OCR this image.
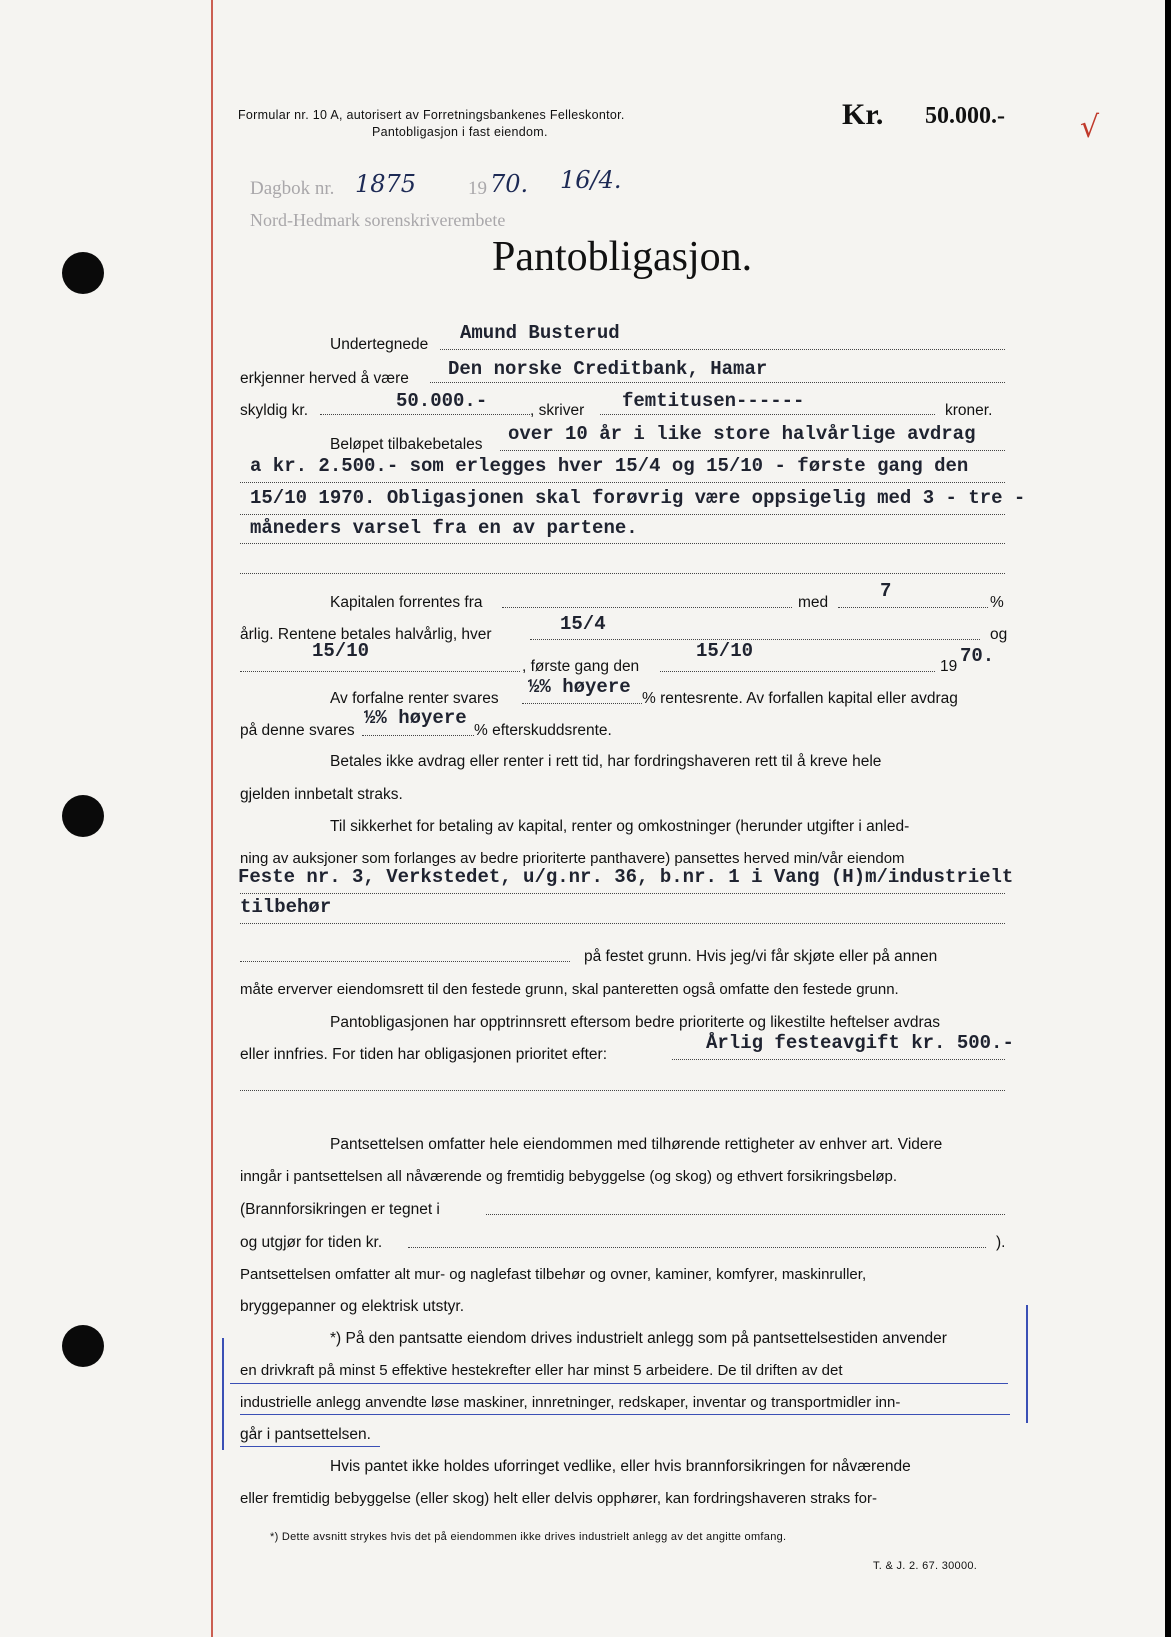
Formular nr. 10 A, autorisert av Forretningsbankenes Felleskontor.
Pantobligasjon i fast eiendom.
Kr. 50.000.-	√
Dagbok nr. 1875	19 70. 16/4.
Nord-Hedmark sorenskriverembete
Pantobligasjon.
Undertegnede
Amund Busterud
erkjenner herved å være Den norske Creditbank, Hamar
skyldig kr.	50.000.-	, skriver femtitusen------	kroner.
Beløpet tilbakebetales over 10 år i like store halvårlige avdrag
a kr. 2.500.- som erlegges hver 15/4 og 15/10 - første gang den
15/10 1970. Obligasjonen skal forøvrig være oppsigelig med 3 - tre -
måneders varsel fra en av partene.
Kapitalen forrentes fra	med
7
%
årlig. Rentene betales halvårlig, hver	15/4	og
15/10
, første gang den
15/10
19 70.
Av forfalne renter svares
½% høyere
% rentesrente. Av forfallen kapital eller avdrag
på denne svares
½% høyere
% efterskuddsrente.
Betales ikke avdrag eller renter i rett tid, har fordringshaveren rett til å kreve hele
gjelden innbetalt straks.
Til sikkerhet for betaling av kapital, renter og omkostninger (herunder utgifter i anled-
ning av auksjoner som forlanges av bedre prioriterte panthavere) pansettes herved min/vår eiendom
Feste nr. 3, Verkstedet, u/g.nr. 36, b.nr. 1 i Vang (H)m/industrielt
tilbehør
på festet grunn. Hvis jeg/vi får skjøte eller på annen
måte erverver eiendomsrett til den festede grunn, skal panteretten også omfatte den festede grunn.
Pantobligasjonen har opptrinnsrett eftersom bedre prioriterte og likestilte heftelser avdras
eller innfries. For tiden har obligasjonen prioritet efter:
Årlig festeavgift kr. 500.-
Pantsettelsen omfatter hele eiendommen med tilhørende rettigheter av enhver art. Videre
inngår i pantsettelsen all nåværende og fremtidig bebyggelse (og skog) og ethvert forsikringsbeløp.
(Brannforsikringen er tegnet i
og utgjør for tiden kr.	).
Pantsettelsen omfatter alt mur- og naglefast tilbehør og ovner, kaminer, komfyrer, maskinruller,
bryggepanner og elektrisk utstyr.
*) På den pantsatte eiendom drives industrielt anlegg som på pantsettelsestiden anvender
en drivkraft på minst 5 effektive hestekrefter eller har minst 5 arbeidere. De til driften av det
industrielle anlegg anvendte løse maskiner, innretninger, redskaper, inventar og transportmidler inn-
går i pantsettelsen.
Hvis pantet ikke holdes uforringet vedlike, eller hvis brannforsikringen for nåværende
eller fremtidig bebyggelse (eller skog) helt eller delvis opphører, kan fordringshaveren straks for-
*) Dette avsnitt strykes hvis det på eiendommen ikke drives industrielt anlegg av det angitte omfang.
T. & J. 2. 67. 30000.
